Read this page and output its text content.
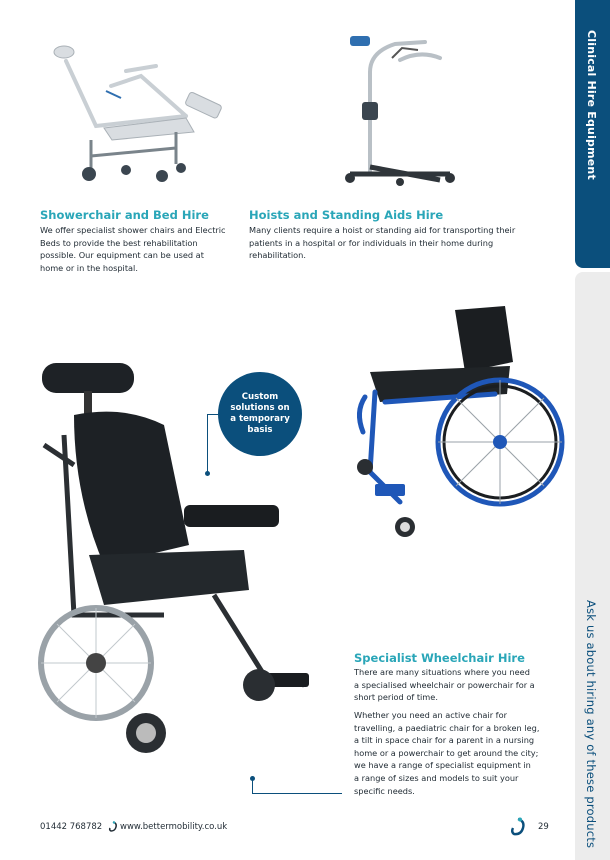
Clinical Hire Equipment
Ask us about hiring any of these products
Showerchair and Bed Hire
We offer specialist shower chairs and Electric
Beds to provide the best rehabilitation
possible. Our equipment can be used at
home or in the hospital.
Hoists and Standing Aids Hire
Many clients require a hoist or standing aid for transporting their
patients in a hospital or for individuals in their home during
rehabilitation.
Custom solutions on a temporary basis
Specialist Wheelchair Hire
There are many situations where you need
a specialised wheelchair or powerchair for a
short period of time.
Whether you need an active chair for
travelling, a paediatric chair for a broken leg,
a tilt in space chair for a parent in a nursing
home or a powerchair to get around the city;
we have a range of specialist equipment in
a range of sizes and models to suit your
specific needs.
01442 768782 www.bettermobility.co.uk	29
